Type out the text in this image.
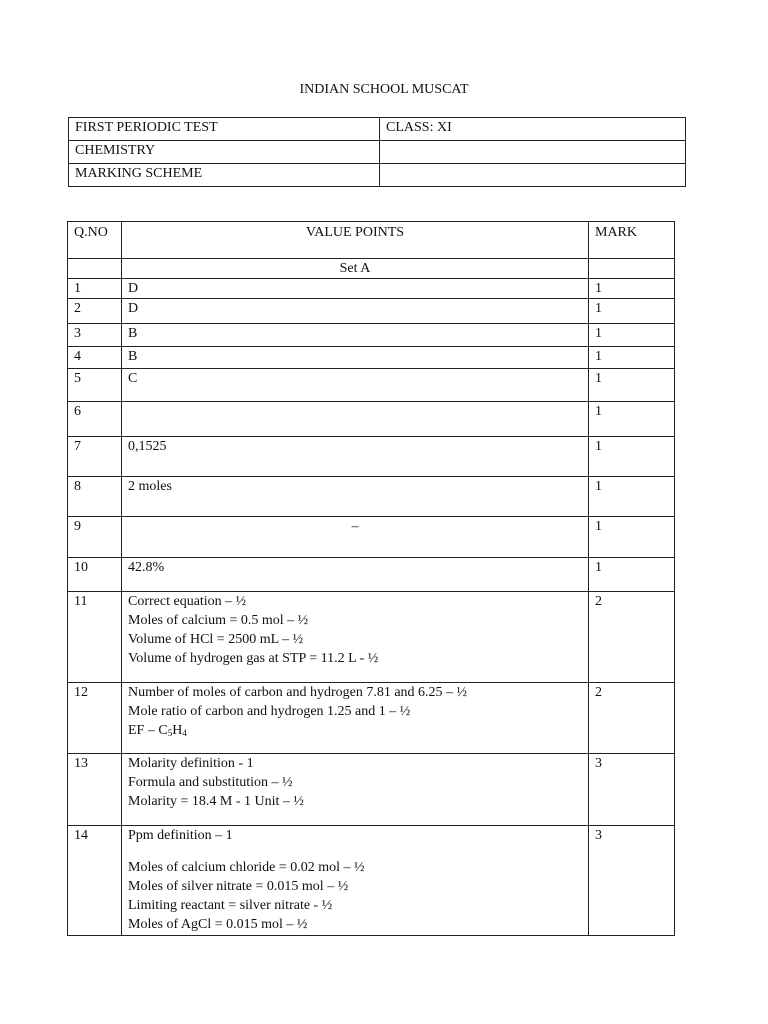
INDIAN SCHOOL MUSCAT
FIRST PERIODIC TEST	CLASS: XI
CHEMISTRY	
MARKING SCHEME	
Q.NO	VALUE POINTS	MARK
	Set A	
1	D	1
2	D	1
3	B	1
4	B	1
5	C	1
6		1
7	0,1525	1
8	2 moles	1
9	–	1
10	42.8%	1
11	Correct equation – ½
Moles of calcium = 0.5 mol – ½
Volume of HCl = 2500 mL – ½
Volume of hydrogen gas at STP = 11.2 L - ½	2
12	Number of moles of carbon and hydrogen 7.81 and 6.25 – ½
Mole ratio of carbon and hydrogen 1.25 and 1 – ½
EF – $C_5H_4$	2
13	Molarity definition - 1
Formula and substitution – ½
Molarity = 18.4 M - 1 Unit – ½	3
14	Ppm definition – 1
Moles of calcium chloride = 0.02 mol – ½
Moles of silver nitrate = 0.015 mol – ½
Limiting reactant = silver nitrate - ½
Moles of AgCl = 0.015 mol – ½	3
